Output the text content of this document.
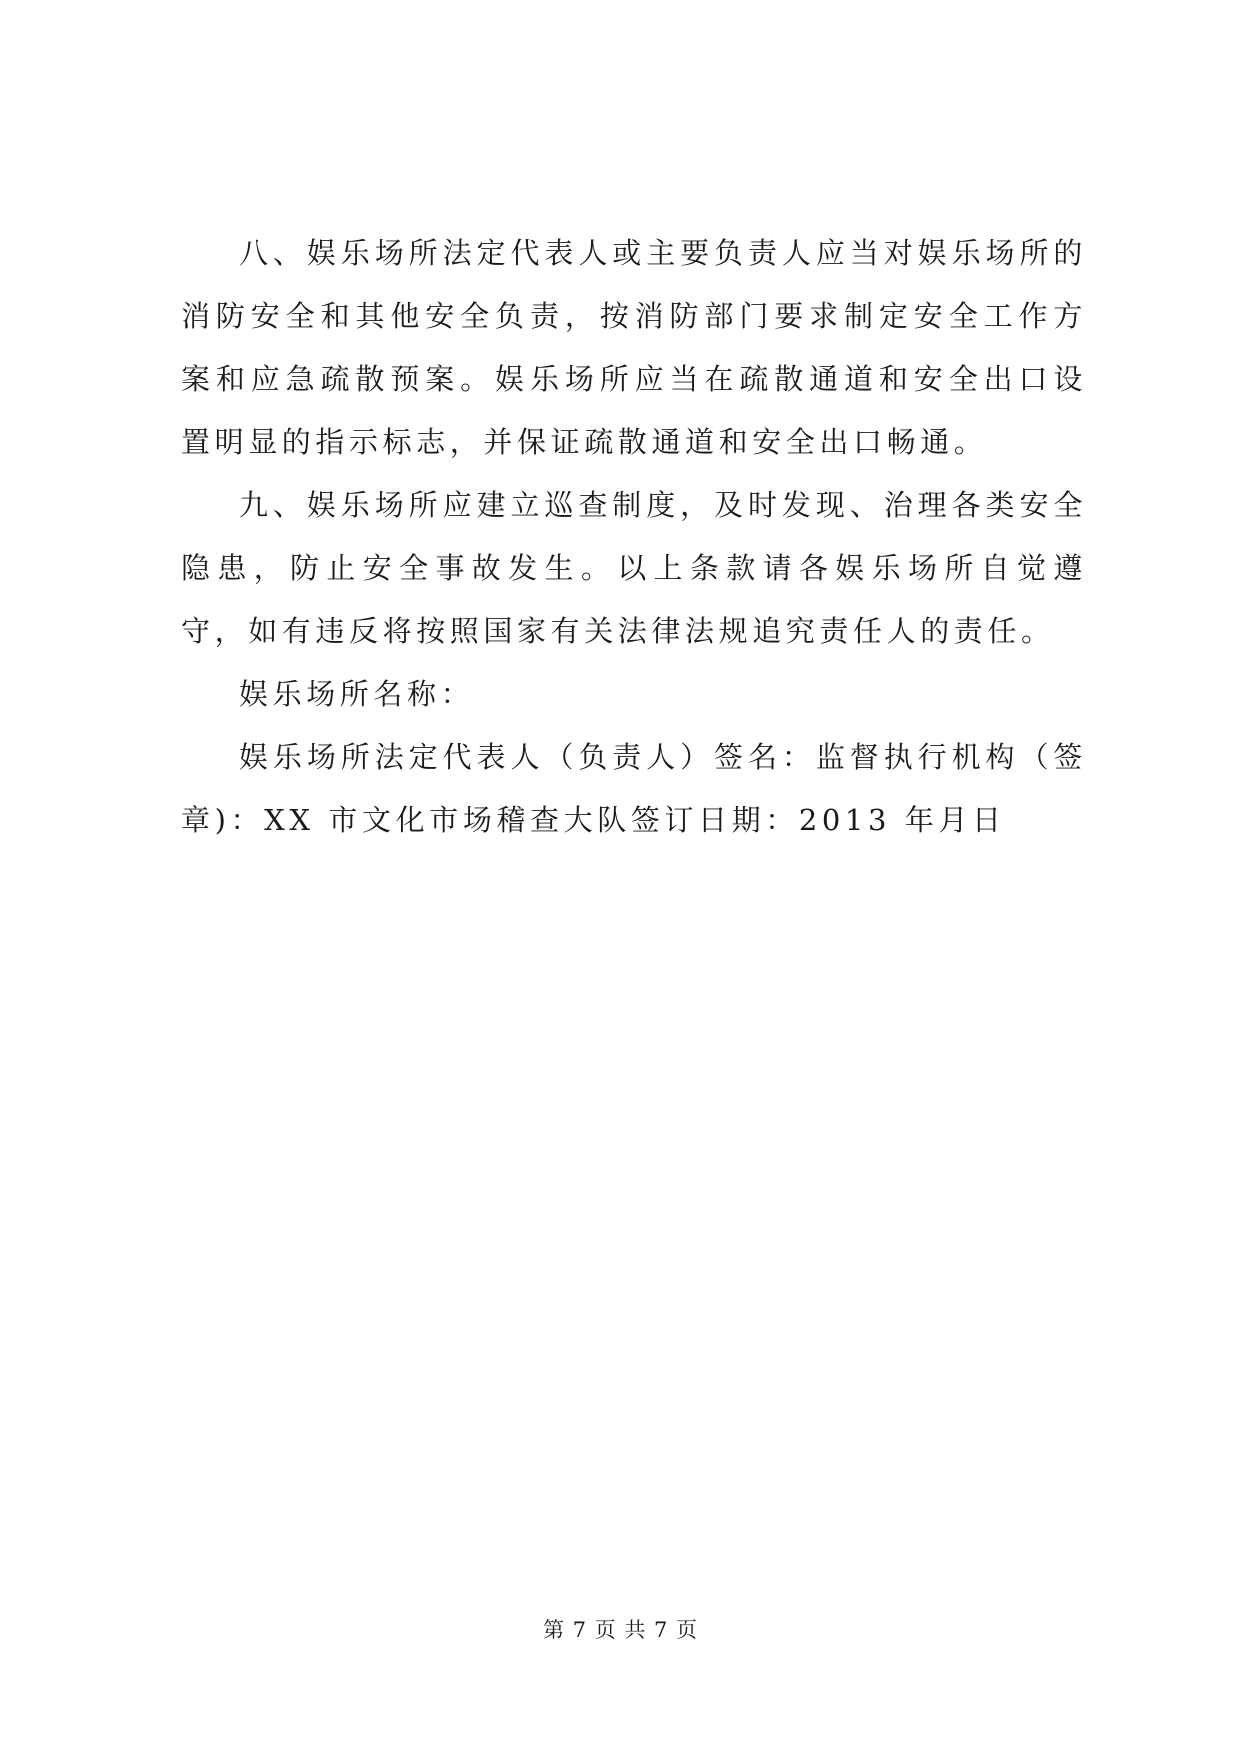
八、娱乐场所法定代表人或主要负责人应当对娱乐场所的消防安全和其他安全负责，按消防部门要求制定安全工作方案和应急疏散预案。娱乐场所应当在疏散通道和安全出口设置明显的指示标志，并保证疏散通道和安全出口畅通。

九、娱乐场所应建立巡查制度，及时发现、治理各类安全隐患，防止安全事故发生。以上条款请各娱乐场所自觉遵守，如有违反将按照国家有关法律法规追究责任人的责任。

娱乐场所名称：

娱乐场所法定代表人（负责人）签名：监督执行机构（签章)：XX 市文化市场稽查大队签订日期：2013 年月日

第 7 页 共 7 页
